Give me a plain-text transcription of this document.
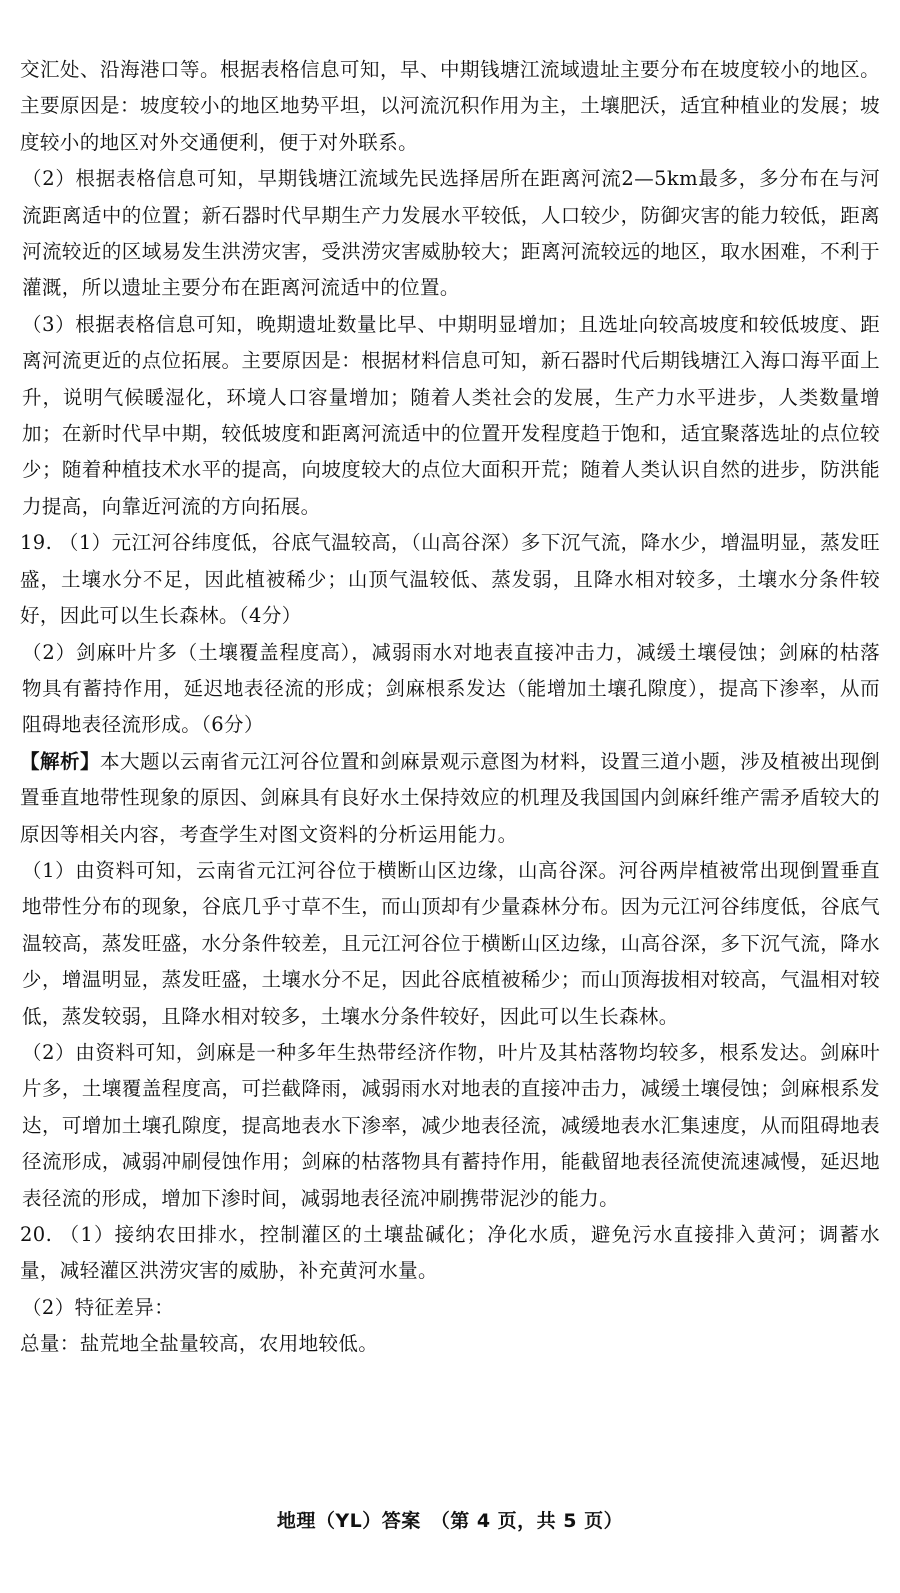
交汇处、沿海港口等。根据表格信息可知，早、中期钱塘江流域遗址主要分布在坡度较小的地区。主要原因是：坡度较小的地区地势平坦，以河流沉积作用为主，土壤肥沃，适宜种植业的发展；坡度较小的地区对外交通便利，便于对外联系。

（2）根据表格信息可知，早期钱塘江流域先民选择居所在距离河流2—5km最多，多分布在与河流距离适中的位置；新石器时代早期生产力发展水平较低，人口较少，防御灾害的能力较低，距离河流较近的区域易发生洪涝灾害，受洪涝灾害威胁较大；距离河流较远的地区，取水困难，不利于灌溉，所以遗址主要分布在距离河流适中的位置。

（3）根据表格信息可知，晚期遗址数量比早、中期明显增加；且选址向较高坡度和较低坡度、距离河流更近的点位拓展。主要原因是：根据材料信息可知，新石器时代后期钱塘江入海口海平面上升，说明气候暖湿化，环境人口容量增加；随着人类社会的发展，生产力水平进步，人类数量增加；在新时代早中期，较低坡度和距离河流适中的位置开发程度趋于饱和，适宜聚落选址的点位较少；随着种植技术水平的提高，向坡度较大的点位大面积开荒；随着人类认识自然的进步，防洪能力提高，向靠近河流的方向拓展。

19. （1）元江河谷纬度低，谷底气温较高，（山高谷深）多下沉气流，降水少，增温明显，蒸发旺盛，土壤水分不足，因此植被稀少；山顶气温较低、蒸发弱，且降水相对较多，土壤水分条件较好，因此可以生长森林。（4分）

（2）剑麻叶片多（土壤覆盖程度高），减弱雨水对地表直接冲击力，减缓土壤侵蚀；剑麻的枯落物具有蓄持作用，延迟地表径流的形成；剑麻根系发达（能增加土壤孔隙度），提高下渗率，从而阻碍地表径流形成。（6分）

【解析】本大题以云南省元江河谷位置和剑麻景观示意图为材料，设置三道小题，涉及植被出现倒置垂直地带性现象的原因、剑麻具有良好水土保持效应的机理及我国国内剑麻纤维产需矛盾较大的原因等相关内容，考查学生对图文资料的分析运用能力。

（1）由资料可知，云南省元江河谷位于横断山区边缘，山高谷深。河谷两岸植被常出现倒置垂直地带性分布的现象，谷底几乎寸草不生，而山顶却有少量森林分布。因为元江河谷纬度低，谷底气温较高，蒸发旺盛，水分条件较差，且元江河谷位于横断山区边缘，山高谷深，多下沉气流，降水少，增温明显，蒸发旺盛，土壤水分不足，因此谷底植被稀少；而山顶海拔相对较高，气温相对较低，蒸发较弱，且降水相对较多，土壤水分条件较好，因此可以生长森林。

（2）由资料可知，剑麻是一种多年生热带经济作物，叶片及其枯落物均较多，根系发达。剑麻叶片多，土壤覆盖程度高，可拦截降雨，减弱雨水对地表的直接冲击力，减缓土壤侵蚀；剑麻根系发达，可增加土壤孔隙度，提高地表水下渗率，减少地表径流，减缓地表水汇集速度，从而阻碍地表径流形成，减弱冲刷侵蚀作用；剑麻的枯落物具有蓄持作用，能截留地表径流使流速减慢，延迟地表径流的形成，增加下渗时间，减弱地表径流冲刷携带泥沙的能力。

20. （1）接纳农田排水，控制灌区的土壤盐碱化；净化水质，避免污水直接排入黄河；调蓄水量，减轻灌区洪涝灾害的威胁，补充黄河水量。

（2）特征差异：

总量：盐荒地全盐量较高，农用地较低。

地理（YL）答案　（第 4 页，共 5 页）
